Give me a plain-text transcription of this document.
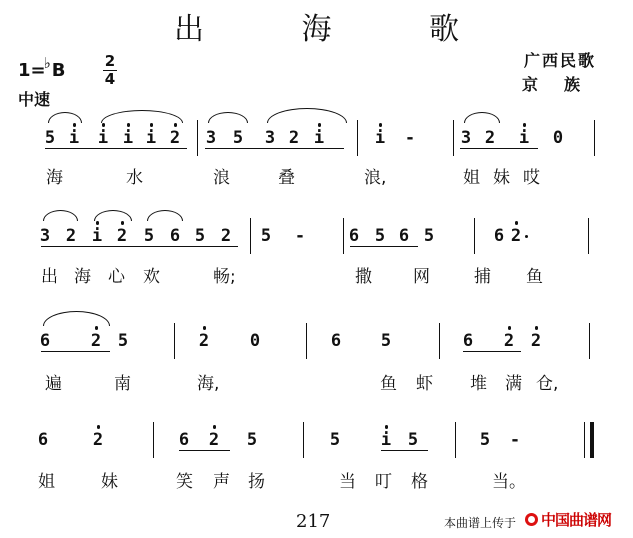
出 海 歌
1=♭B	2
4
中速
广西民歌
京族
5 i i i i 2 3 5 3 2 i	i -	3 2 i 0
海	水	浪	叠	浪,	姐 妹 哎
3 2 i 2 5 6 5 2 5 -	6 5 6 5	6 2
出 海 心 欢	畅;	撒 网	捕 鱼
6 2 5	2 0	6 5	6 2 2
遍	南	海,	鱼 虾 堆 满 仓,
6	2	6 2 5	5 i 5	5 -
姐	妹	笑 声 扬	当 叮 格	当。
217	本曲谱上传于 中国曲谱网
